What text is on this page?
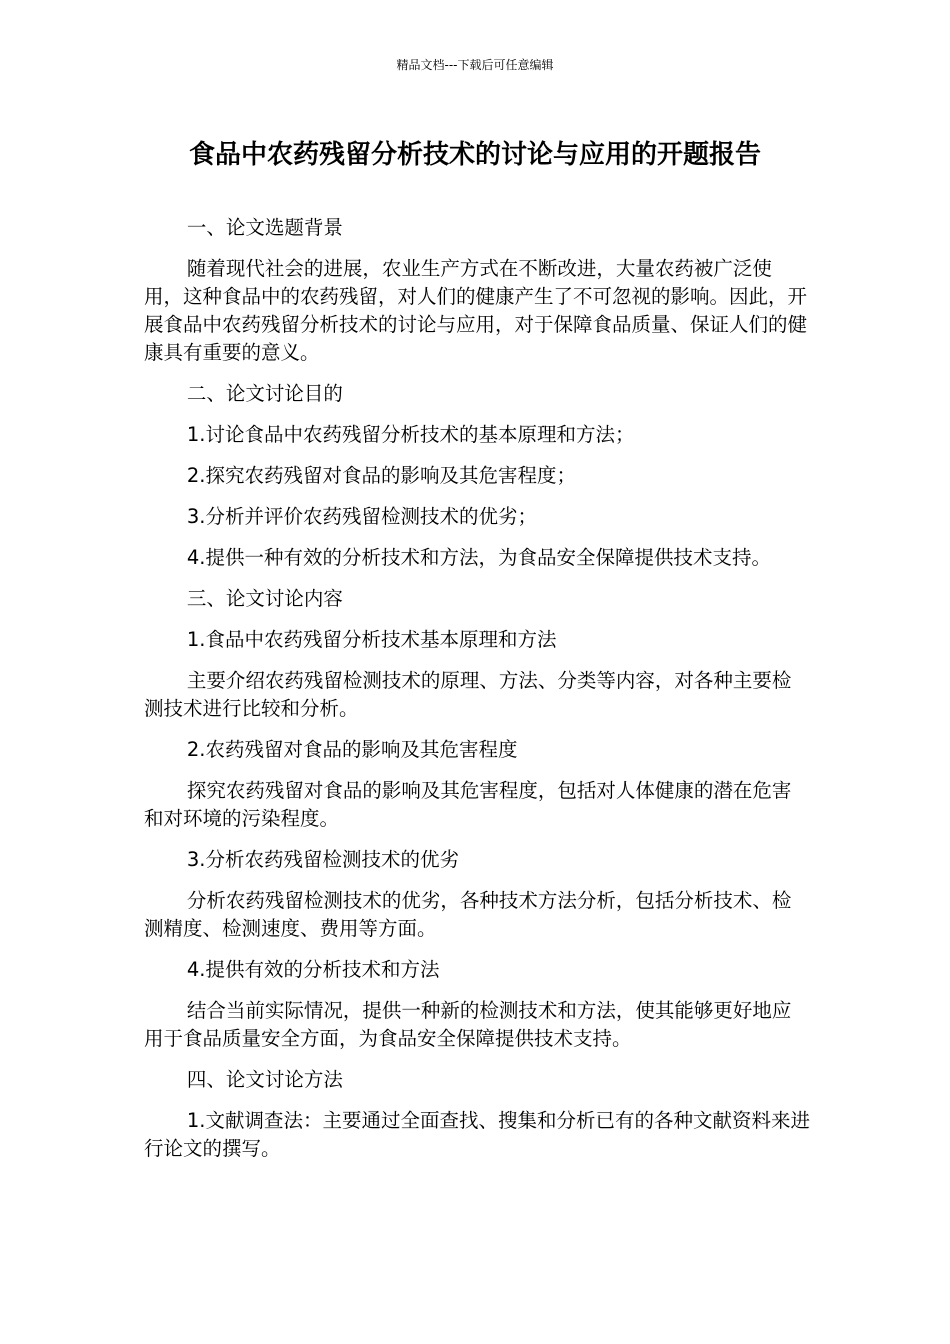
精品文档---下载后可任意编辑
食品中农药残留分析技术的讨论与应用的开题报告

一、论文选题背景

随着现代社会的进展，农业生产方式在不断改进，大量农药被广泛使用，这种食品中的农药残留，对人们的健康产生了不可忽视的影响。因此，开展食品中农药残留分析技术的讨论与应用，对于保障食品质量、保证人们的健康具有重要的意义。

二、论文讨论目的

1.讨论食品中农药残留分析技术的基本原理和方法；

2.探究农药残留对食品的影响及其危害程度；

3.分析并评价农药残留检测技术的优劣；

4.提供一种有效的分析技术和方法，为食品安全保障提供技术支持。

三、论文讨论内容

1.食品中农药残留分析技术基本原理和方法

主要介绍农药残留检测技术的原理、方法、分类等内容，对各种主要检测技术进行比较和分析。

2.农药残留对食品的影响及其危害程度

探究农药残留对食品的影响及其危害程度，包括对人体健康的潜在危害和对环境的污染程度。

3.分析农药残留检测技术的优劣

分析农药残留检测技术的优劣，各种技术方法分析，包括分析技术、检测精度、检测速度、费用等方面。

4.提供有效的分析技术和方法

结合当前实际情况，提供一种新的检测技术和方法，使其能够更好地应用于食品质量安全方面，为食品安全保障提供技术支持。

四、论文讨论方法

1.文献调查法：主要通过全面查找、搜集和分析已有的各种文献资料来进行论文的撰写。
